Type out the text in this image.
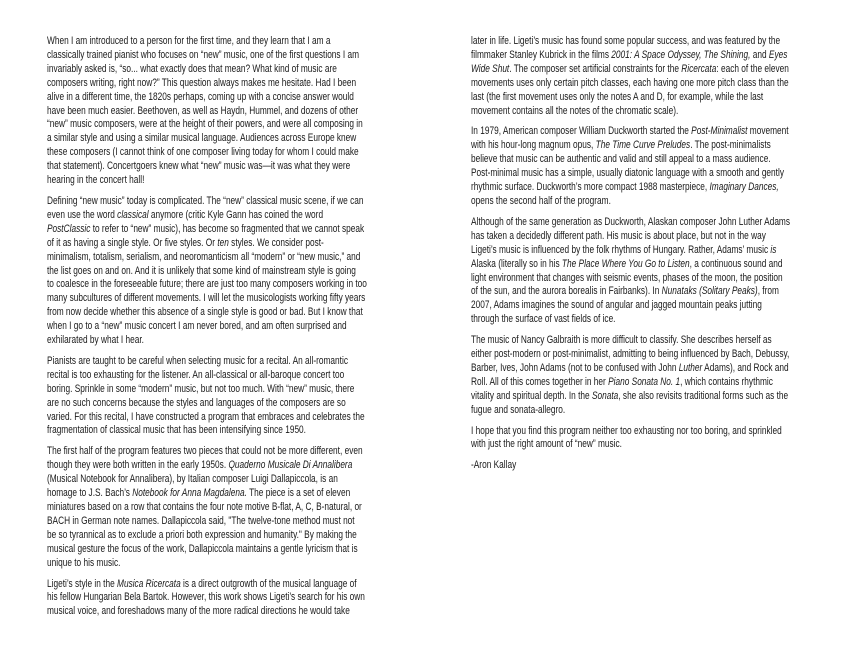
When I am introduced to a person for the first time, and they learn that I am a
classically trained pianist who focuses on “new” music, one of the first questions I am
invariably asked is, “so... what exactly does that mean? What kind of music are
composers writing, right now?” This question always makes me hesitate. Had I been
alive in a different time, the 1820s perhaps, coming up with a concise answer would
have been much easier. Beethoven, as well as Haydn, Hummel, and dozens of other
“new” music composers, were at the height of their powers, and were all composing in
a similar style and using a similar musical language. Audiences across Europe knew
these composers (I cannot think of one composer living today for whom I could make
that statement). Concertgoers knew what “new” music was—it was what they were
hearing in the concert hall!
Defining “new music” today is complicated. The “new” classical music scene, if we can
even use the word classical anymore (critic Kyle Gann has coined the word
PostClassic to refer to “new” music), has become so fragmented that we cannot speak
of it as having a single style. Or five styles. Or ten styles. We consider post-
minimalism, totalism, serialism, and neoromanticism all “modern” or “new music,” and
the list goes on and on. And it is unlikely that some kind of mainstream style is going
to coalesce in the foreseeable future; there are just too many composers working in too
many subcultures of different movements. I will let the musicologists working fifty years
from now decide whether this absence of a single style is good or bad. But I know that
when I go to a “new” music concert I am never bored, and am often surprised and
exhilarated by what I hear.
Pianists are taught to be careful when selecting music for a recital. An all-romantic
recital is too exhausting for the listener. An all-classical or all-baroque concert too
boring. Sprinkle in some “modern” music, but not too much. With “new” music, there
are no such concerns because the styles and languages of the composers are so
varied. For this recital, I have constructed a program that embraces and celebrates the
fragmentation of classical music that has been intensifying since 1950.
The first half of the program features two pieces that could not be more different, even
though they were both written in the early 1950s. Quaderno Musicale Di Annalibera
(Musical Notebook for Annalibera), by Italian composer Luigi Dallapiccola, is an
homage to J.S. Bach’s Notebook for Anna Magdalena. The piece is a set of eleven
miniatures based on a row that contains the four note motive B-flat, A, C, B-natural, or
BACH in German note names. Dallapiccola said, "The twelve-tone method must not
be so tyrannical as to exclude a priori both expression and humanity." By making the
musical gesture the focus of the work, Dallapiccola maintains a gentle lyricism that is
unique to his music.
Ligeti’s style in the Musica Ricercata is a direct outgrowth of the musical language of
his fellow Hungarian Bela Bartok. However, this work shows Ligeti’s search for his own
musical voice, and foreshadows many of the more radical directions he would take
later in life. Ligeti’s music has found some popular success, and was featured by the
filmmaker Stanley Kubrick in the films 2001: A Space Odyssey, The Shining, and Eyes
Wide Shut. The composer set artificial constraints for the Ricercata: each of the eleven
movements uses only certain pitch classes, each having one more pitch class than the
last (the first movement uses only the notes A and D, for example, while the last
movement contains all the notes of the chromatic scale).
In 1979, American composer William Duckworth started the Post-Minimalist movement
with his hour-long magnum opus, The Time Curve Preludes. The post-minimalists
believe that music can be authentic and valid and still appeal to a mass audience.
Post-minimal music has a simple, usually diatonic language with a smooth and gently
rhythmic surface. Duckworth’s more compact 1988 masterpiece, Imaginary Dances,
opens the second half of the program.
Although of the same generation as Duckworth, Alaskan composer John Luther Adams
has taken a decidedly different path. His music is about place, but not in the way
Ligeti’s music is influenced by the folk rhythms of Hungary. Rather, Adams’ music is
Alaska (literally so in his The Place Where You Go to Listen, a continuous sound and
light environment that changes with seismic events, phases of the moon, the position
of the sun, and the aurora borealis in Fairbanks). In Nunataks (Solitary Peaks), from
2007, Adams imagines the sound of angular and jagged mountain peaks jutting
through the surface of vast fields of ice.
The music of Nancy Galbraith is more difficult to classify. She describes herself as
either post-modern or post-minimalist, admitting to being influenced by Bach, Debussy,
Barber, Ives, John Adams (not to be confused with John Luther Adams), and Rock and
Roll. All of this comes together in her Piano Sonata No. 1, which contains rhythmic
vitality and spiritual depth. In the Sonata, she also revisits traditional forms such as the
fugue and sonata-allegro.
I hope that you find this program neither too exhausting nor too boring, and sprinkled
with just the right amount of “new” music.
-Aron Kallay
